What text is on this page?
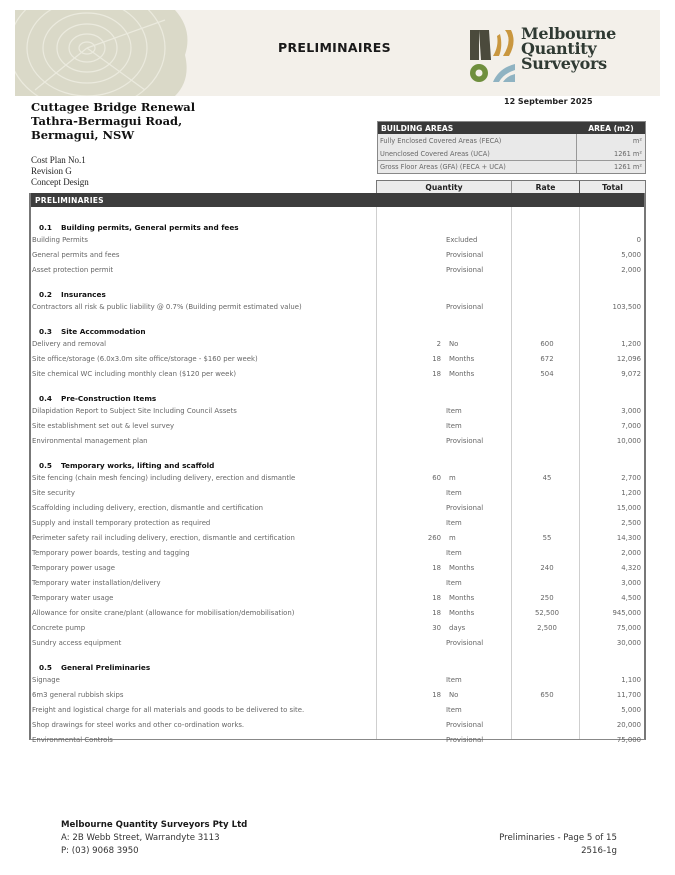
PRELIMINAIRES
Melbourne
Quantity
Surveyors
Cuttagee Bridge Renewal
Tathra-Bermagui Road,
Bermagui, NSW
Cost Plan No.1
Revision G
Concept Design
12 September 2025
BUILDING AREAS	AREA (m2)
Fully Enclosed Covered Areas (FECA)	m²
Unenclosed Covered Areas (UCA)	1261 m²
Gross Floor Areas (GFA) (FECA + UCA)	1261 m²
Quantity	Rate	Total
PRELIMINARIES
0.1	Building permits, General permits and fees
Building Permits	Excluded	0
General permits and fees	Provisional	5,000
Asset protection permit	Provisional	2,000
0.2	Insurances
Contractors all risk & public liability @ 0.7% (Building permit estimated value)	Provisional	103,500
0.3	Site Accommodation
Delivery and removal	2 No	600	1,200
Site office/storage (6.0x3.0m site office/storage - $160 per week)	18 Months	672	12,096
Site chemical WC including monthly clean ($120 per week)	18 Months	504	9,072
0.4	Pre-Construction Items
Dilapidation Report to Subject Site Including Council Assets	Item	3,000
Site establishment set out & level survey	Item	7,000
Environmental management plan	Provisional	10,000
0.5	Temporary works, lifting and scaffold
Site fencing (chain mesh fencing) including delivery, erection and dismantle	60 m	45	2,700
Site security	Item	1,200
Scaffolding including delivery, erection, dismantle and certification	Provisional	15,000
Supply and install temporary protection as required	Item	2,500
Perimeter safety rail including delivery, erection, dismantle and certification	260 m	55	14,300
Temporary power boards, testing and tagging	Item	2,000
Temporary power usage	18 Months	240	4,320
Temporary water installation/delivery	Item	3,000
Temporary water usage	18 Months	250	4,500
Allowance for onsite crane/plant (allowance for mobilisation/demobilisation)	18 Months	52,500	945,000
Concrete pump	30 days	2,500	75,000
Sundry access equipment	Provisional	30,000
0.5	General Preliminaries
Signage	Item	1,100
6m3 general rubbish skips	18 No	650	11,700
Freight and logistical charge for all materials and goods to be delivered to site.	Item	5,000
Shop drawings for steel works and other co-ordination works.	Provisional	20,000
Environmental Controls	Provisional	75,000
Melbourne Quantity Surveyors Pty Ltd
A: 2B Webb Street, Warrandyte 3113
P: (03) 9068 3950
Preliminaries - Page 5 of 15
2516-1g
